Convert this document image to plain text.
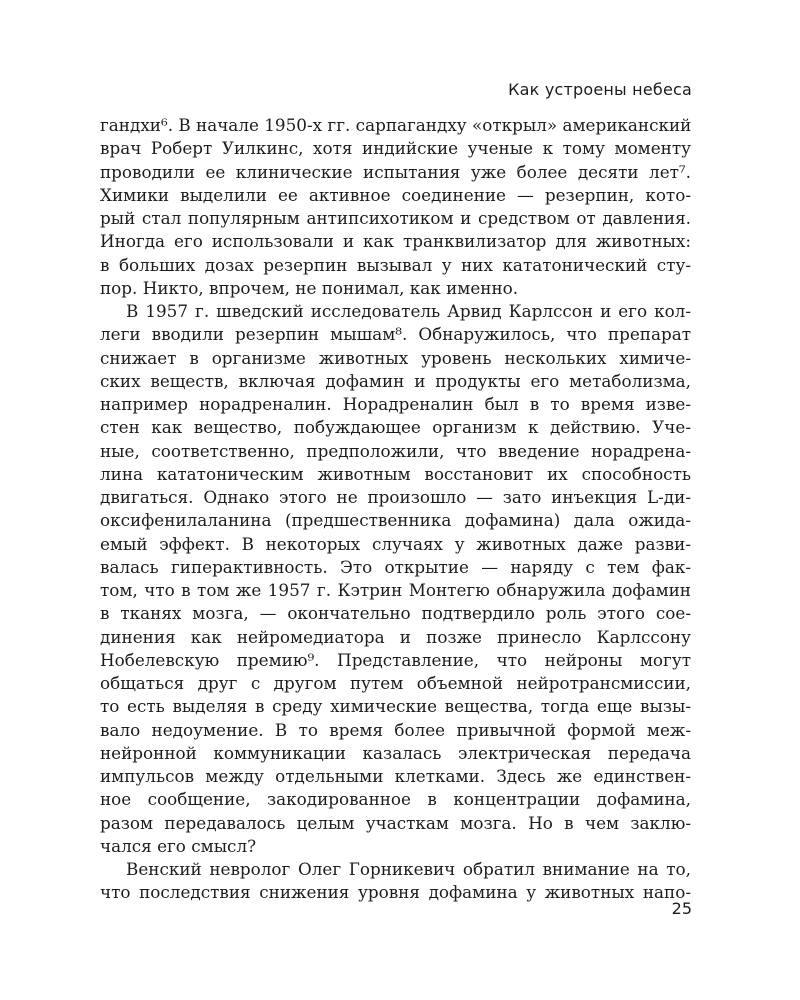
Как устроены небеса
гандхи⁶. В начале 1950-х гг. сарпагандху «открыл» американский
врач Роберт Уилкинс, хотя индийские ученые к тому моменту
проводили ее клинические испытания уже более десяти лет⁷.
Химики выделили ее активное соединение — резерпин, кото-
рый стал популярным антипсихотиком и средством от давления.
Иногда его использовали и как транквилизатор для животных:
в больших дозах резерпин вызывал у них кататонический сту-
пор. Никто, впрочем, не понимал, как именно.
В 1957 г. шведский исследователь Арвид Карлссон и его кол-
леги вводили резерпин мышам⁸. Обнаружилось, что препарат
снижает в организме животных уровень нескольких химиче-
ских веществ, включая дофамин и продукты его метаболизма,
например норадреналин. Норадреналин был в то время изве-
стен как вещество, побуждающее организм к действию. Уче-
ные, соответственно, предположили, что введение норадрена-
лина кататоническим животным восстановит их способность
двигаться. Однако этого не произошло — зато инъекция L-ди-
оксифенилаланина (предшественника дофамина) дала ожида-
емый эффект. В некоторых случаях у животных даже разви-
валась гиперактивность. Это открытие — наряду с тем фак-
том, что в том же 1957 г. Кэтрин Монтегю обнаружила дофамин
в тканях мозга, — окончательно подтвердило роль этого сое-
динения как нейромедиатора и позже принесло Карлссону
Нобелевскую премию⁹. Представление, что нейроны могут
общаться друг с другом путем объемной нейротрансмиссии,
то есть выделяя в среду химические вещества, тогда еще вызы-
вало недоумение. В то время более привычной формой меж-
нейронной коммуникации казалась электрическая передача
импульсов между отдельными клетками. Здесь же единствен-
ное сообщение, закодированное в концентрации дофамина,
разом передавалось целым участкам мозга. Но в чем заклю-
чался его смысл?
Венский невролог Олег Горникевич обратил внимание на то,
что последствия снижения уровня дофамина у животных напо-
25
